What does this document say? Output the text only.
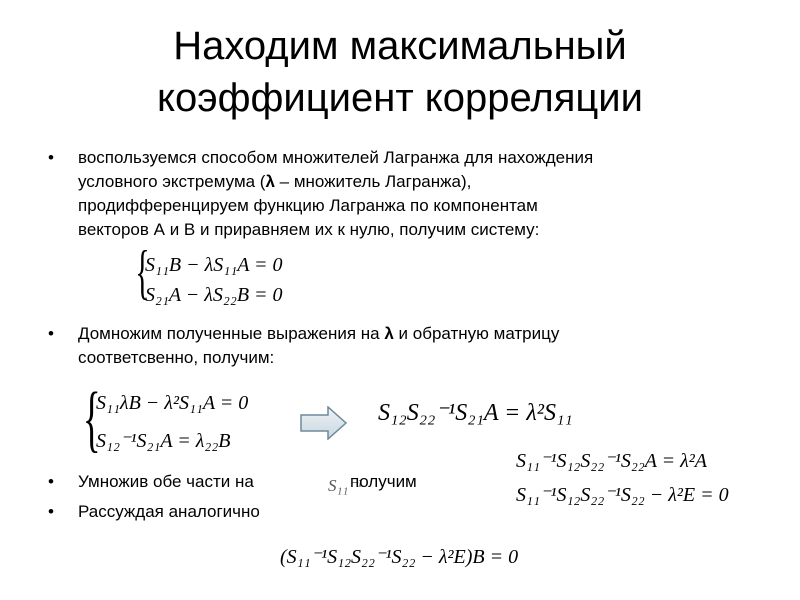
Находим максимальный
коэффициент корреляции
• воспользуемся способом множителей Лагранжа для нахождения
условного экстремума (λ – множитель Лагранжа),
продифференцируем функцию Лагранжа по компонентам
векторов А и В и приравняем их к нулю, получим систему:
{
S₁₁B − λS₁₁A = 0
S₂₁A − λS₂₂B = 0
• Домножим полученные выражения на λ и обратную матрицу
соответсвенно, получим:
{
S₁₁λB − λ²S₁₁A = 0
S₁₂⁻¹S₂₁A = λ₂₂B
S₁₂S₂₂⁻¹S₂₁A = λ²S₁₁
S₁₁⁻¹S₁₂S₂₂⁻¹S₂₂A = λ²A
S₁₁⁻¹S₁₂S₂₂⁻¹S₂₂ − λ²E = 0
• Умножив обе части на	S₁₁⁻¹
получим
• Рассуждая аналогично
(S₁₁⁻¹S₁₂S₂₂⁻¹S₂₂ − λ²E)B = 0
